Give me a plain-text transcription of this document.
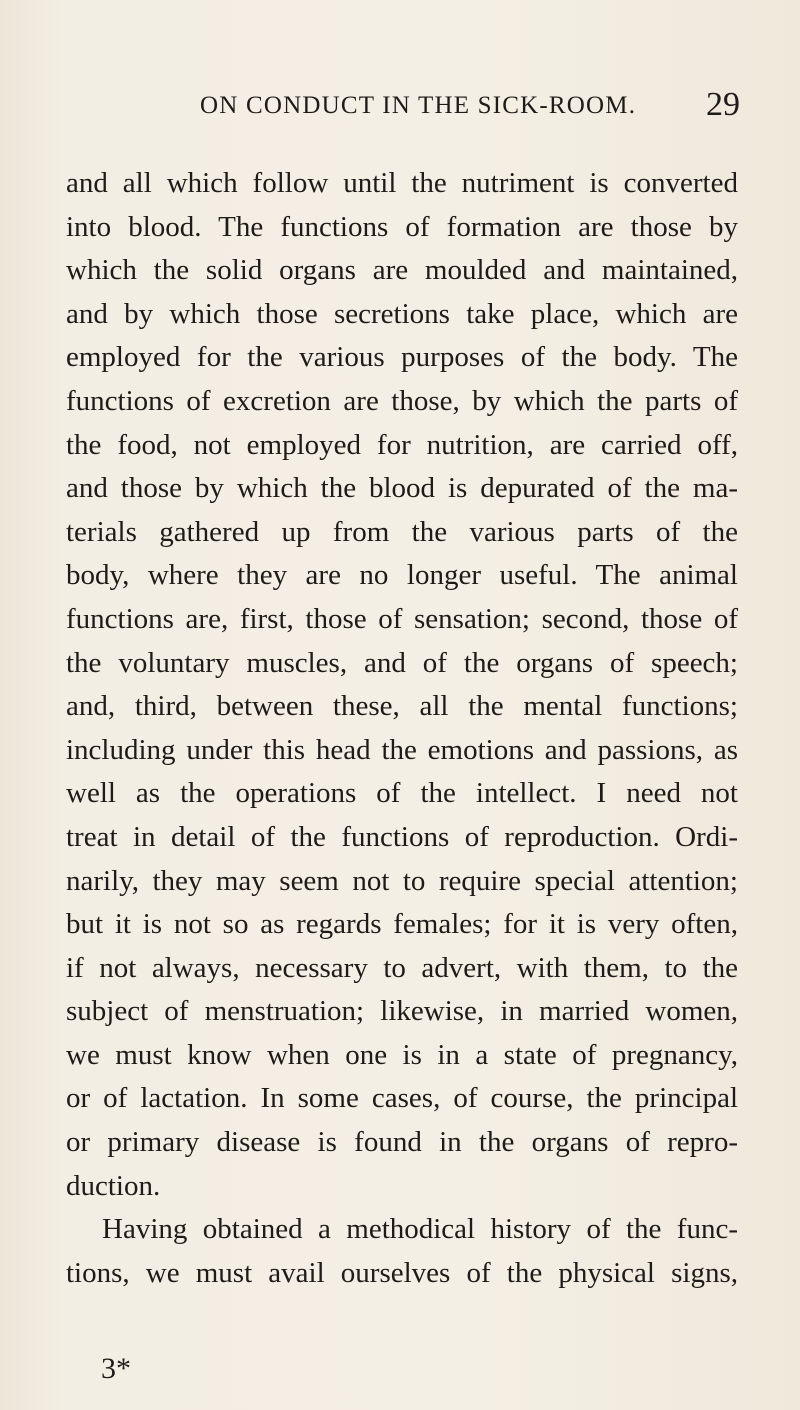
ON CONDUCT IN THE SICK-ROOM. 29
and all which follow until the nutriment is converted
into blood. The functions of formation are those by
which the solid organs are moulded and maintained,
and by which those secretions take place, which are
employed for the various purposes of the body. The
functions of excretion are those, by which the parts of
the food, not employed for nutrition, are carried off,
and those by which the blood is depurated of the ma-
terials gathered up from the various parts of the
body, where they are no longer useful. The animal
functions are, first, those of sensation; second, those of
the voluntary muscles, and of the organs of speech;
and, third, between these, all the mental functions;
including under this head the emotions and passions, as
well as the operations of the intellect. I need not
treat in detail of the functions of reproduction. Ordi-
narily, they may seem not to require special attention;
but it is not so as regards females; for it is very often,
if not always, necessary to advert, with them, to the
subject of menstruation; likewise, in married women,
we must know when one is in a state of pregnancy,
or of lactation. In some cases, of course, the principal
or primary disease is found in the organs of repro-
duction.
Having obtained a methodical history of the func-
tions, we must avail ourselves of the physical signs,
3*
